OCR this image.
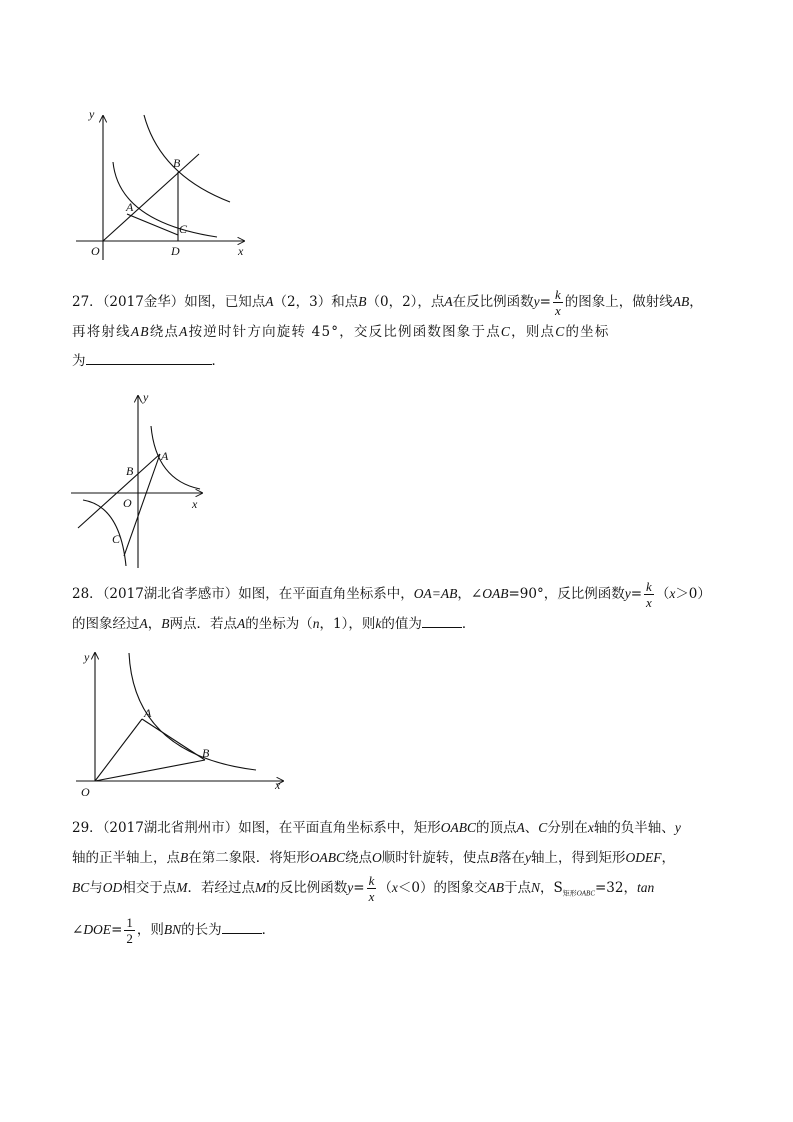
y
x
O
A
B
C
D
27．（2017金华）如图，已知点A（2，3）和点B（0，2），点A在反比例函数$y= \frac{k}{x}$ 的图象上，做射线AB，
再将射线AB绕点A按逆时针方向旋转 45°，交反比例函数图象于点C，则点C的坐标
为	．
y
x
O
A
B
C
28．（2017湖北省孝感市）如图，在平面直角坐标系中，OA=AB，∠OAB=90°，反比例函数$y= \frac{k}{x} (x>0)$
的图象经过A，B两点．若点A的坐标为（n，1），则k的值为	．
y
x
O
A
B
29．（2017湖北省荆州市）如图，在平面直角坐标系中，矩形OABC的顶点A、C分别在x轴的负半轴、y
轴的正半轴上，点B在第二象限．将矩形OABC绕点O顺时针旋转，使点B落在y轴上，得到矩形ODEF，
BC与OD相交于点M．若经过点M的反比例函数$y= \frac{k}{x} (x<0)$的图象交AB于点N，$S_{矩形OABC}=32$，tan
∠DOE= $\frac{1}{2}$ ，则BN的长为	．
